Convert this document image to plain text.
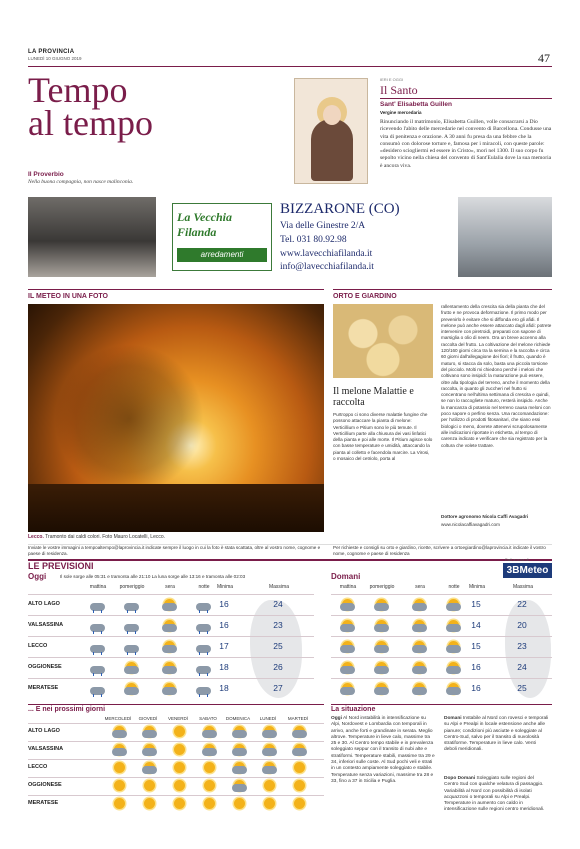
LA PROVINCIA
LUNEDÌ 10 GIUGNO 2019	47
Tempo
al tempo
Il Proverbio
Nella buona compagnia, non nasce malinconia.
IERI E OGGI
Il Santo
Sant' Elisabetta Guillen
Vergine mercedaria
Rinunciando il matrimonio, Elisabetta Guillen, volle consacrarsi a Dio ricevendo l'abito delle mercedarie nel convento di Barcellona. Condusse una vita di penitenza e orazione. A 30 anni fu presa da una febbre che la consumò con dolorose torture e, famosa per i miracoli, con queste parole: «desidero sciogliermi ed essere in Cristo», morì nel 1300. Il suo corpo fu sepolto vicino nella chiesa del convento di Sant'Eulalia dove la sua memoria è ancora viva.
La Vecchia Filanda
arredamenti
BIZZARONE (CO)
Via delle Ginestre 2/A
Tel. 031 80.92.98
www.lavecchiafilanda.it
info@lavecchiafilanda.it
IL METEO IN UNA FOTO
Lecco. Tramonto dai caldi colori. Foto Mauro Locatelli, Lecco.
ORTO E GIARDINO
Il melone Malattie e raccolta
Purtroppo ci sono diverse malattie fungine che possono attaccare la pianta di melone: Verticillium e Pitium sono le più temute. Il Verticillium parte alla chiusura dei vasi linfatici della pianta e poi alle morte. Il Pitium agisce solo con basse temperature e umidità, attaccando la pianta al colletto e facendola marcire. La Virosi, o mosaico del cetriolo, porta al
rallentamento della crescita sia della pianta che del frutto e ne provoca deformazione. Il primo modo per prevenirlo è evitare che si diffonda ero gli afidi. Il melone può anche essere attaccato dagli afidi: potrete intervenire con piretroidi, preparati con sapone di marsiglia o olio di neem. Ora un breve accenno alla raccolta del frutto. La coltivazione del melone richiede 120/160 giorni circa tra la semina e la raccolta e circa 60 giorni dall'allegagione dei fiori; il frutto, quando è maturo, si stacca da solo, basta una piccola torsione del picciolo. Molti mi chiedono perché i meloni che coltivano sono insipidi: la maturazione può essere, oltre alla tipologia del terreno, anche il momento della raccolta, in quanto gli zuccheri nel frutto si concentrano nell'ultima settimana di crescita e quindi, se non lo raccogliete maturo, resterà insipido. Anche la mancanza di potassio nel terreno causa meloni con poco sapore o perfino senza. Una raccomandazione: per l'utilizzo di prodotti fitosanitari, che siano essi biologici o meno, dovrete attenervi scrupolosamente alle indicazioni riportate in etichetta, al tempo di carenza indicato e verificare che sia registrato per la coltura che volete trattare.
Dottore agronomo Nicola Caffi Avagadri
www.nicolacaffiavagadri.com
Inviate le vostre immagini a tempoaltempo@laprovincia.it indicate sempre il luogo in cui la foto è stata scattata, oltre al vostro nome, cognome e paese di residenza.
Per richieste e consigli su orto e giardino, ricette, scrivere a ortoegiardino@laprovincia.it indicate il vostro nome, cognome e paese di residenza
LE PREVISIONI
Dati a cura di
3BMeteo
Oggi	Il sole sorge alle 05:31 e tramonta alle 21:10 La luna sorge alle 13:16 e tramonta alle 02:03	Domani
mattina	mattina
pomeriggio	pomeriggio
sera	sera
notte	notte
Minima	Massima	Minima	Massima
ALTO LAGO	16	24	15	22
VALSASSINA	16	23	14	20
LECCO	17	25	15	23
OGGIONESE	18	26	16	24
MERATESE	18	27	16	25
... E nei prossimi giorni
MERCOLEDÌ	GIOVEDÌ	VENERDÌ	SABATO	DOMENICA	LUNEDÌ	MARTEDÌ
ALTO LAGO
VALSASSINA
LECCO
OGGIONESE
MERATESE
La situazione
Oggi Al Nord instabilità in intensificazione su Alpi, Nordovest e Lombardia con temporali in arrivo, anche forti e grandinate in serata. Meglio altrove. Temperature in lieve calo, massime tra 25 e 30. Al Centro tempo stabile e in prevalenza soleggiato seppur con il transito di nubi alte e stratiformi. Temperature stabili, massime tra 29 e 34, inferiori sulle coste. Al Sud pochi veli e strati in un contesto ampiamente soleggiato e stabile. Temperature senza variazioni, massime tra 28 e 33, fino a 37 in Sicilia e Puglia.
Domani Instabile al Nord con rovesci e temporali su Alpi e Prealpi in locale estensione anche alle pianure; condizioni più asciutte e soleggiate al Centro-Sud, salvo per il transito di nuvolosità stratiforme. Temperature in lieve calo. Venti deboli meridionali.
Dopo Domani Soleggiato sulle regioni del Centro Sud con qualche velatura di passaggio. Variabilità al Nord con possibilità di isolati acquazzoni o temporali su Alpi e Prealpi. Temperature in aumento con caldo in intensificazione sulle regioni centro meridionali.
